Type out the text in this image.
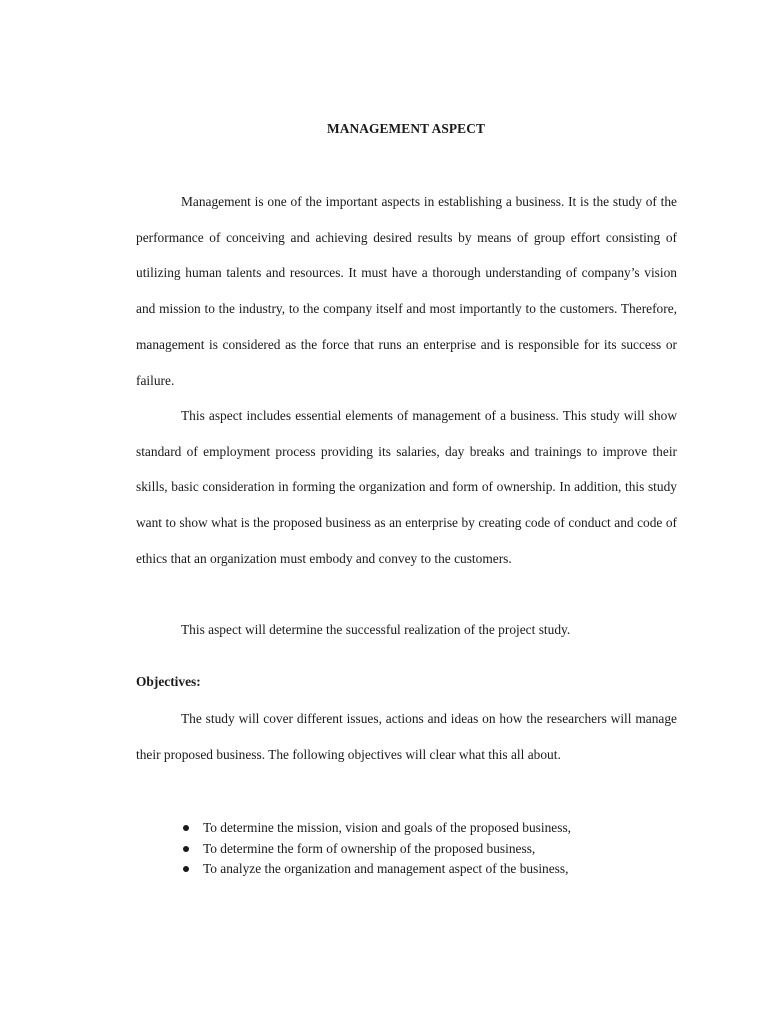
MANAGEMENT ASPECT

Management is one of the important aspects in establishing a business. It is the study of the performance of conceiving and achieving desired results by means of group effort consisting of utilizing human talents and resources. It must have a thorough understanding of company’s vision and mission to the industry, to the company itself and most importantly to the customers. Therefore, management is considered as the force that runs an enterprise and is responsible for its success or failure.

This aspect includes essential elements of management of a business. This study will show standard of employment process providing its salaries, day breaks and trainings to improve their skills, basic consideration in forming the organization and form of ownership. In addition, this study want to show what is the proposed business as an enterprise by creating code of conduct and code of ethics that an organization must embody and convey to the customers.

This aspect will determine the successful realization of the project study.

Objectives:

The study will cover different issues, actions and ideas on how the researchers will manage their proposed business. The following objectives will clear what this all about.

To determine the mission, vision and goals of the proposed business,
To determine the form of ownership of the proposed business,
To analyze the organization and management aspect of the business,
